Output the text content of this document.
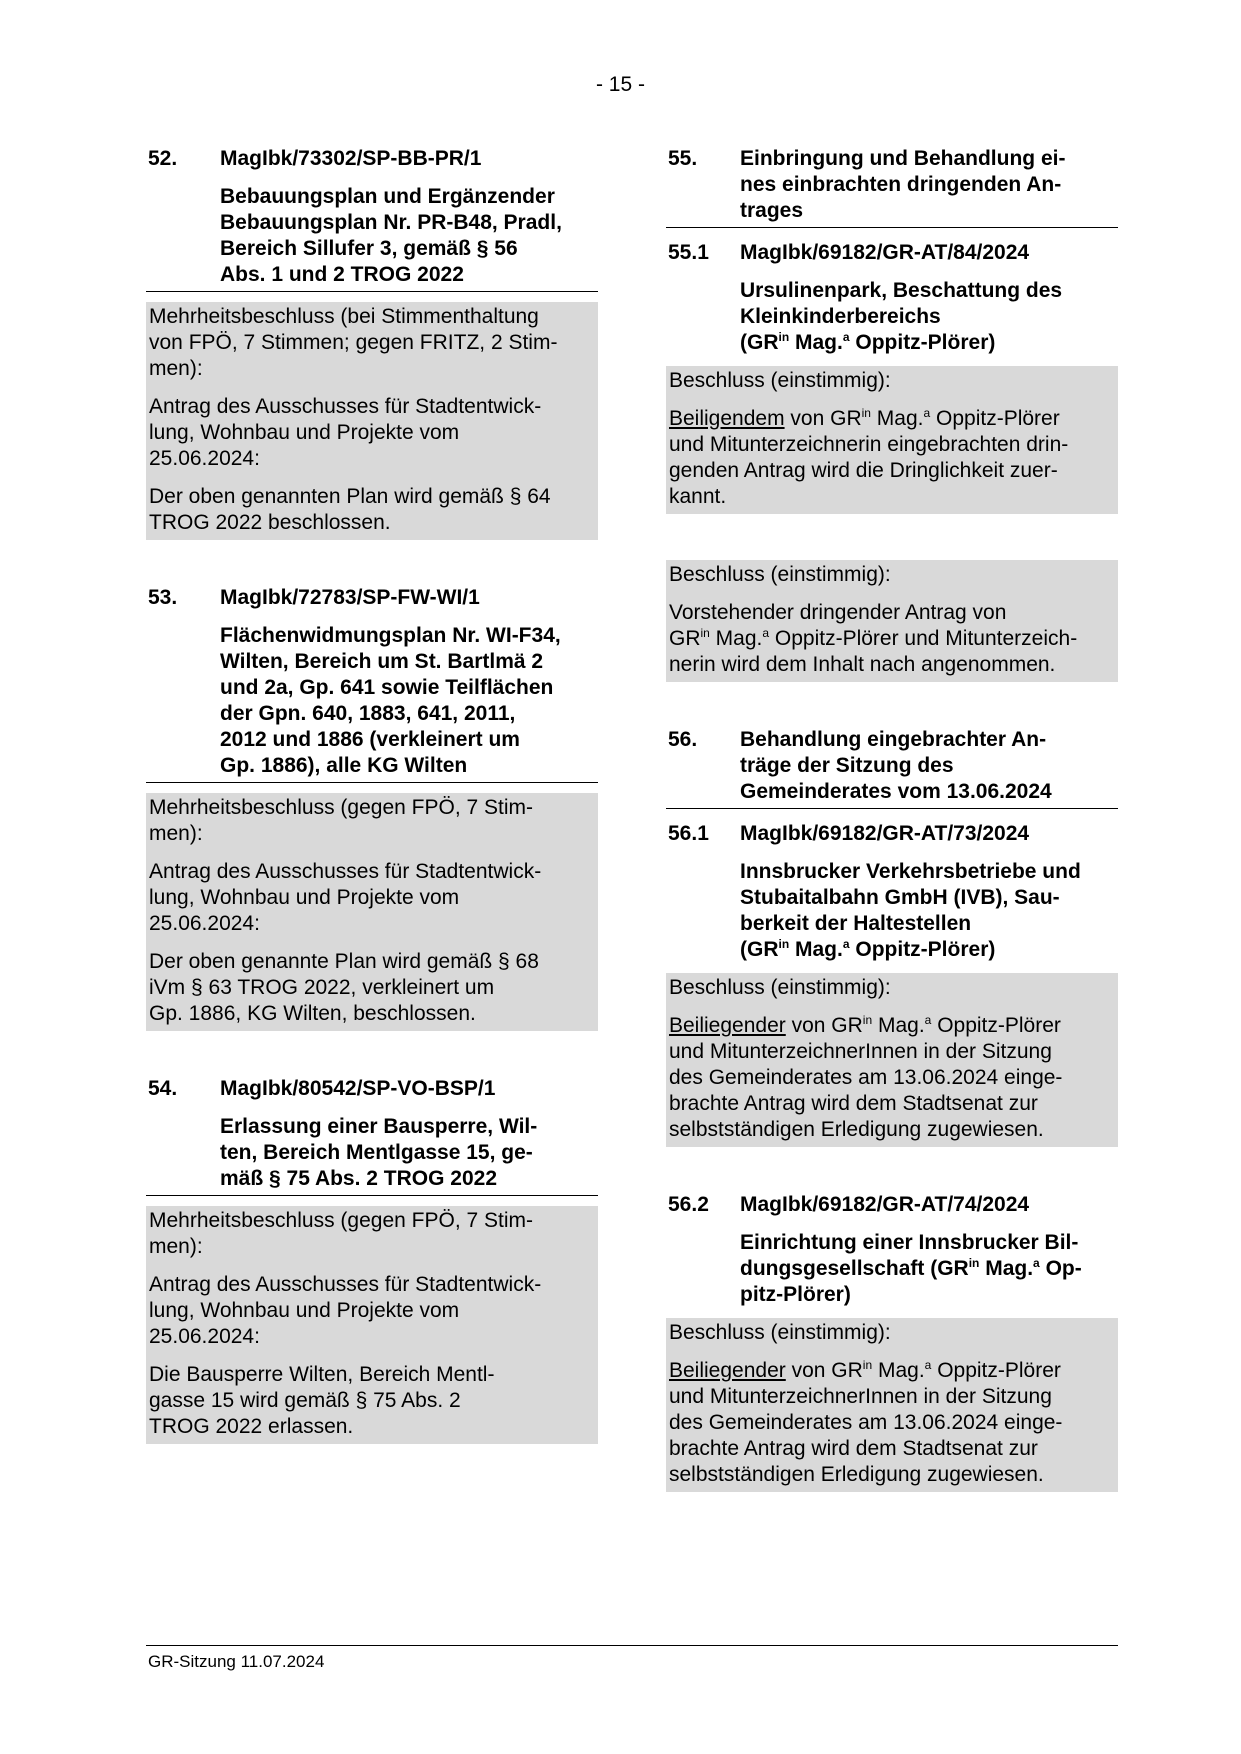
- 15 -
52. MagIbk/73302/SP-BB-PR/1
Bebauungsplan und Ergänzender
Bebauungsplan Nr. PR-B48, Pradl,
Bereich Sillufer 3, gemäß § 56
Abs. 1 und 2 TROG 2022

Mehrheitsbeschluss (bei Stimmenthaltung
von FPÖ, 7 Stimmen; gegen FRITZ, 2 Stim-
men):

Antrag des Ausschusses für Stadtentwick-
lung, Wohnbau und Projekte vom
25.06.2024:

Der oben genannten Plan wird gemäß § 64
TROG 2022 beschlossen.

53. MagIbk/72783/SP-FW-WI/1
Flächenwidmungsplan Nr. WI-F34,
Wilten, Bereich um St. Bartlmä 2
und 2a, Gp. 641 sowie Teilflächen
der Gpn. 640, 1883, 641, 2011,
2012 und 1886 (verkleinert um
Gp. 1886), alle KG Wilten

Mehrheitsbeschluss (gegen FPÖ, 7 Stim-
men):

Antrag des Ausschusses für Stadtentwick-
lung, Wohnbau und Projekte vom
25.06.2024:

Der oben genannte Plan wird gemäß § 68
iVm § 63 TROG 2022, verkleinert um
Gp. 1886, KG Wilten, beschlossen.

54. MagIbk/80542/SP-VO-BSP/1
Erlassung einer Bausperre, Wil-
ten, Bereich Mentlgasse 15, ge-
mäß § 75 Abs. 2 TROG 2022

Mehrheitsbeschluss (gegen FPÖ, 7 Stim-
men):

Antrag des Ausschusses für Stadtentwick-
lung, Wohnbau und Projekte vom
25.06.2024:

Die Bausperre Wilten, Bereich Mentl-
gasse 15 wird gemäß § 75 Abs. 2
TROG 2022 erlassen.

55. Einbringung und Behandlung ei-
nes einbrachten dringenden An-
trages
55.1 MagIbk/69182/GR-AT/84/2024
Ursulinenpark, Beschattung des
Kleinkinderbereichs
($GR^{in}$ Mag.$^a$ Oppitz-Plörer)

Beschluss (einstimmig):

Beiligendem von $GR^{in}$ Mag.$^a$ Oppitz-Plörer
und Mitunterzeichnerin eingebrachten drin-
genden Antrag wird die Dringlichkeit zuer-
kannt.

Beschluss (einstimmig):

Vorstehender dringender Antrag von
$GR^{in}$ Mag.$^a$ Oppitz-Plörer und Mitunterzeich-
nerin wird dem Inhalt nach angenommen.

56. Behandlung eingebrachter An-
träge der Sitzung des
Gemeinderates vom 13.06.2024
56.1 MagIbk/69182/GR-AT/73/2024
Innsbrucker Verkehrsbetriebe und
Stubaitalbahn GmbH (IVB), Sau-
berkeit der Haltestellen
($GR^{in}$ Mag.$^a$ Oppitz-Plörer)

Beschluss (einstimmig):

Beiliegender von $GR^{in}$ Mag.$^a$ Oppitz-Plörer
und MitunterzeichnerInnen in der Sitzung
des Gemeinderates am 13.06.2024 einge-
brachte Antrag wird dem Stadtsenat zur
selbstständigen Erledigung zugewiesen.

56.2 MagIbk/69182/GR-AT/74/2024
Einrichtung einer Innsbrucker Bil-
dungsgesellschaft ($GR^{in}$ Mag.$^a$ Op-
pitz-Plörer)

Beschluss (einstimmig):

Beiliegender von $GR^{in}$ Mag.$^a$ Oppitz-Plörer
und MitunterzeichnerInnen in der Sitzung
des Gemeinderates am 13.06.2024 einge-
brachte Antrag wird dem Stadtsenat zur
selbstständigen Erledigung zugewiesen.

GR-Sitzung 11.07.2024
